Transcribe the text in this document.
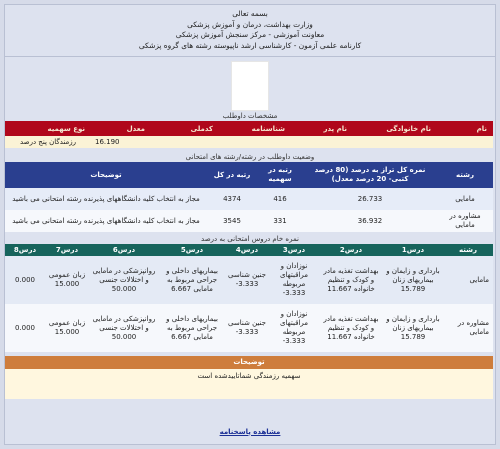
بسمه تعالی
وزارت بهداشت، درمان و آموزش پزشکی
معاونت آموزشی - مرکز سنجش آموزش پزشکی
کارنامه علمی آزمون - کارشناسی ارشد ناپیوسته رشته های گروه پزشکی
مشخصات داوطلب
نام	نام خانوادگی	نام پدر	شناسنامه	کدملی	معدل	نوع سهمیه
					16.190	رزمندگان پنج درصد
وضعیت داوطلب در رشته/رشته های امتحانی
رشته	نمره کل تراز به درصد (80 درصد کتبی- 20 درصد معدل)	رتبه در سهمیه	رتبه در کل	توضیحات
مامایی	26.733	416	4374	مجاز به انتخاب کلیه دانشگاههای پذیرنده رشته امتحانی می باشید
مشاوره در مامایی	36.932	331	3545	مجاز به انتخاب کلیه دانشگاههای پذیرنده رشته امتحانی می باشید
نمره خام دروس امتحانی به درصد
رشته	درس1	درس2	درس3	درس4	درس5	درس6	درس7	درس8
مامایی	بارداری و زایمان و بیماریهای زنان 15.789	بهداشت تغذیه مادر و کودک و تنظیم خانواده 11.667	نوزادان و مراقبتهای مربوطه 3.333-	جنین شناسی 3.333-	بیماریهای داخلی و جراحی مربوط به مامایی 6.667	روانپزشکی در مامایی و اختلالات جنسی 50.000	زبان عمومی 15.000	0.000
مشاوره در مامایی	بارداری و زایمان و بیماریهای زنان 15.789	بهداشت تغذیه مادر و کودک و تنظیم خانواده 11.667	نوزادان و مراقبتهای مربوطه 3.333-	جنین شناسی 3.333-	بیماریهای داخلی و جراحی مربوط به مامایی 6.667	روانپزشکی در مامایی و اختلالات جنسی 50.000	زبان عمومی 15.000	0.000
توضیحات
سهمیه رزمندگی شماتاییدشده است
مشاهده پاسخنامه
